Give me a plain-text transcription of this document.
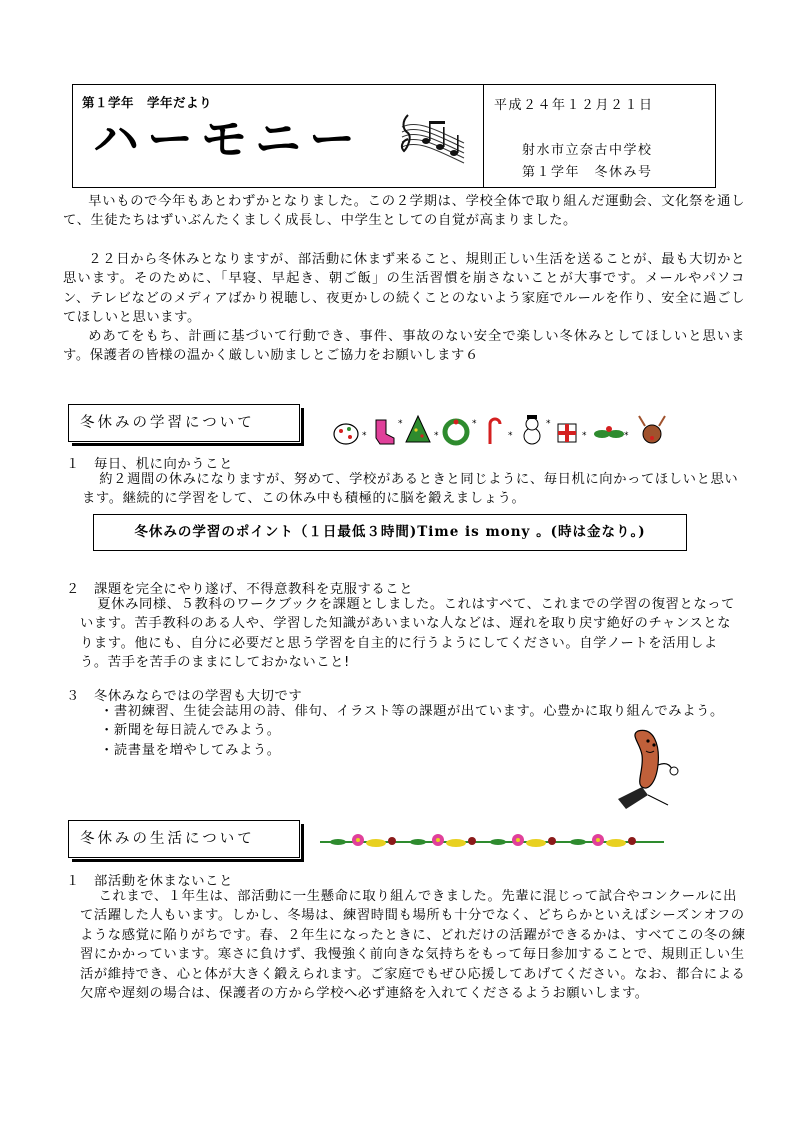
第１学年　学年だより
ハーモニー
平成２４年１２月２１日
射水市立奈古中学校
第１学年　冬休み号

早いもので今年もあとわずかとなりました。この２学期は、学校全体で取り組んだ運動会、文化祭を通して、生徒たちはずいぶんたくましく成長し、中学生としての自覚が高まりました。

２２日から冬休みとなりますが、部活動に休まず来ること、規則正しい生活を送ることが、最も大切かと思います。そのために、「早寝、早起き、朝ご飯」の生活習慣を崩さないことが大事です。メールやパソコン、テレビなどのメディアばかり視聴し、夜更かしの続くことのないよう家庭でルールを作り、安全に過ごしてほしいと思います。

めあてをもち、計画に基づいて行動でき、事件、事故のない安全で楽しい冬休みとしてほしいと思います。保護者の皆様の温かく厳しい励ましとご協力をお願いします６

冬休みの学習について
*
*
*
*
*
*
*	*
１ 毎日、机に向かうこと

約２週間の休みになりますが、努めて、学校があるときと同じように、毎日机に向かってほしいと思います。継続的に学習をして、この休み中も積極的に脳を鍛えましょう。

冬休みの学習のポイント（１日最低３時間)Time is mony 。(時は金なり。)
２ 課題を完全にやり遂げ、不得意教科を克服すること

夏休み同様、５教科のワークブックを課題としました。これはすべて、これまでの学習の復習となっています。苦手教科のある人や、学習した知識があいまいな人などは、遅れを取り戻す絶好のチャンスとなります。他にも、自分に必要だと思う学習を自主的に行うようにしてください。自学ノートを活用しよう。苦手を苦手のままにしておかないこと!

３ 冬休みならではの学習も大切です
・書初練習、生徒会誌用の詩、俳句、イラスト等の課題が出ています。心豊かに取り組んでみよう。
・新聞を毎日読んでみよう。
・読書量を増やしてみよう。
冬休みの生活について
１ 部活動を休まないこと

これまで、１年生は、部活動に一生懸命に取り組んできました。先輩に混じって試合やコンクールに出て活躍した人もいます。しかし、冬場は、練習時間も場所も十分でなく、どちらかといえばシーズンオフのような感覚に陥りがちです。春、２年生になったときに、どれだけの活躍ができるかは、すべてこの冬の練習にかかっています。寒さに負けず、我慢強く前向きな気持ちをもって毎日参加することで、規則正しい生活が維持でき、心と体が大きく鍛えられます。ご家庭でもぜひ応援してあげてください。なお、都合による欠席や遅刻の場合は、保護者の方から学校へ必ず連絡を入れてくださるようお願いします。
